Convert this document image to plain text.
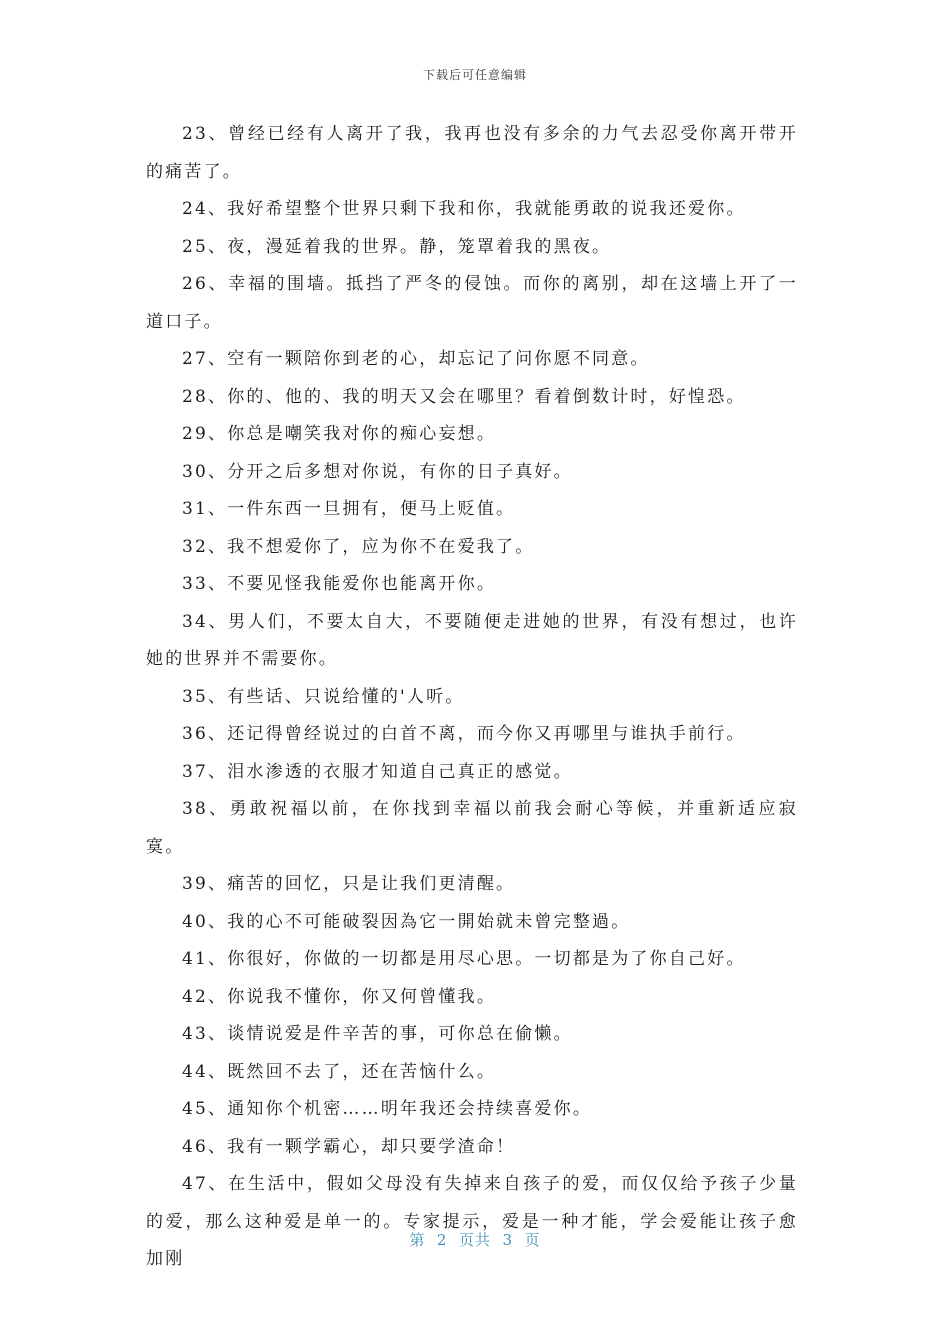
下载后可任意编辑

23、曾经已经有人离开了我，我再也没有多余的力气去忍受你离开带开的痛苦了。

24、我好希望整个世界只剩下我和你，我就能勇敢的说我还爱你。

25、夜，漫延着我的世界。静，笼罩着我的黑夜。

26、幸福的围墙。抵挡了严冬的侵蚀。而你的离别，却在这墙上开了一道口子。

27、空有一颗陪你到老的心，却忘记了问你愿不同意。

28、你的、他的、我的明天又会在哪里？看着倒数计时，好惶恐。

29、你总是嘲笑我对你的痴心妄想。

30、分开之后多想对你说，有你的日子真好。

31、一件东西一旦拥有，便马上贬值。

32、我不想爱你了，应为你不在爱我了。

33、不要见怪我能爱你也能离开你。

34、男人们，不要太自大，不要随便走进她的世界，有没有想过，也许她的世界并不需要你。

35、有些话、只说给懂的'人听。

36、还记得曾经说过的白首不离，而今你又再哪里与谁执手前行。

37、泪水渗透的衣服才知道自己真正的感觉。

38、勇敢祝福以前，在你找到幸福以前我会耐心等候，并重新适应寂寞。

39、痛苦的回忆，只是让我们更清醒。

40、我的心不可能破裂因為它一開始就未曾完整過。

41、你很好，你做的一切都是用尽心思。一切都是为了你自己好。

42、你说我不懂你，你又何曾懂我。

43、谈情说爱是件辛苦的事，可你总在偷懒。

44、既然回不去了，还在苦恼什么。

45、通知你个机密……明年我还会持续喜爱你。

46、我有一颗学霸心，却只要学渣命！

47、在生活中，假如父母没有失掉来自孩子的爱，而仅仅给予孩子少量的爱，那么这种爱是单一的。专家提示，爱是一种才能，学会爱能让孩子愈加刚

第  2  页共  3  页
